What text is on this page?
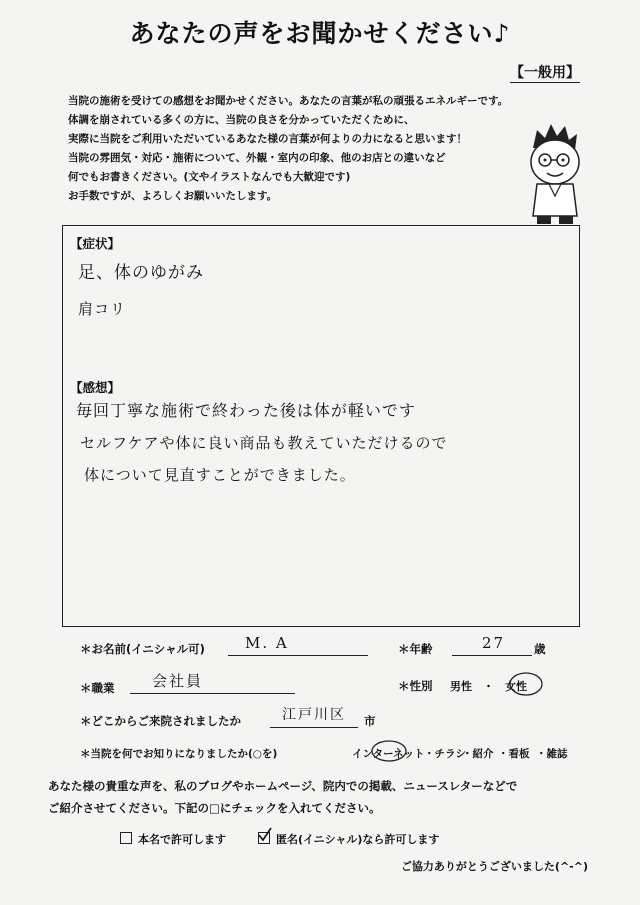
あなたの声をお聞かせください♪
【一般用】
当院の施術を受けての感想をお聞かせください。あなたの言葉が私の頑張るエネルギーです。
体調を崩されている多くの方に、当院の良さを分かっていただくために、
実際に当院をご利用いただいているあなた様の言葉が何よりの力になると思います！
当院の雰囲気・対応・施術について、外観・室内の印象、他のお店との違いなど
何でもお書きください。(文やイラストなんでも大歓迎です)
お手数ですが、よろしくお願いいたします。
【症状】
足、体のゆがみ
肩コリ
【感想】
毎回丁寧な施術で終わった後は体が軽いです
セルフケアや体に良い商品も教えていただけるので
体について見直すことができました。
＊お名前(イニシャル可)	M. A	＊年齢	27	歳
＊職業	会社員	＊性別 男性　・　女性
＊どこからご来院されましたか	江戸川区 市
＊当院を何でお知りになりましたか(○を)	インターネット ・チラシ
・紹介 ・看板 ・雑誌
あなた様の貴重な声を、私のブログやホームページ、院内での掲載、ニュースレターなどで
ご紹介させてください。下記の□にチェックを入れてください。
本名で許可します	匿名(イニシャル)なら許可します
ご協力ありがとうございました(^-^)
